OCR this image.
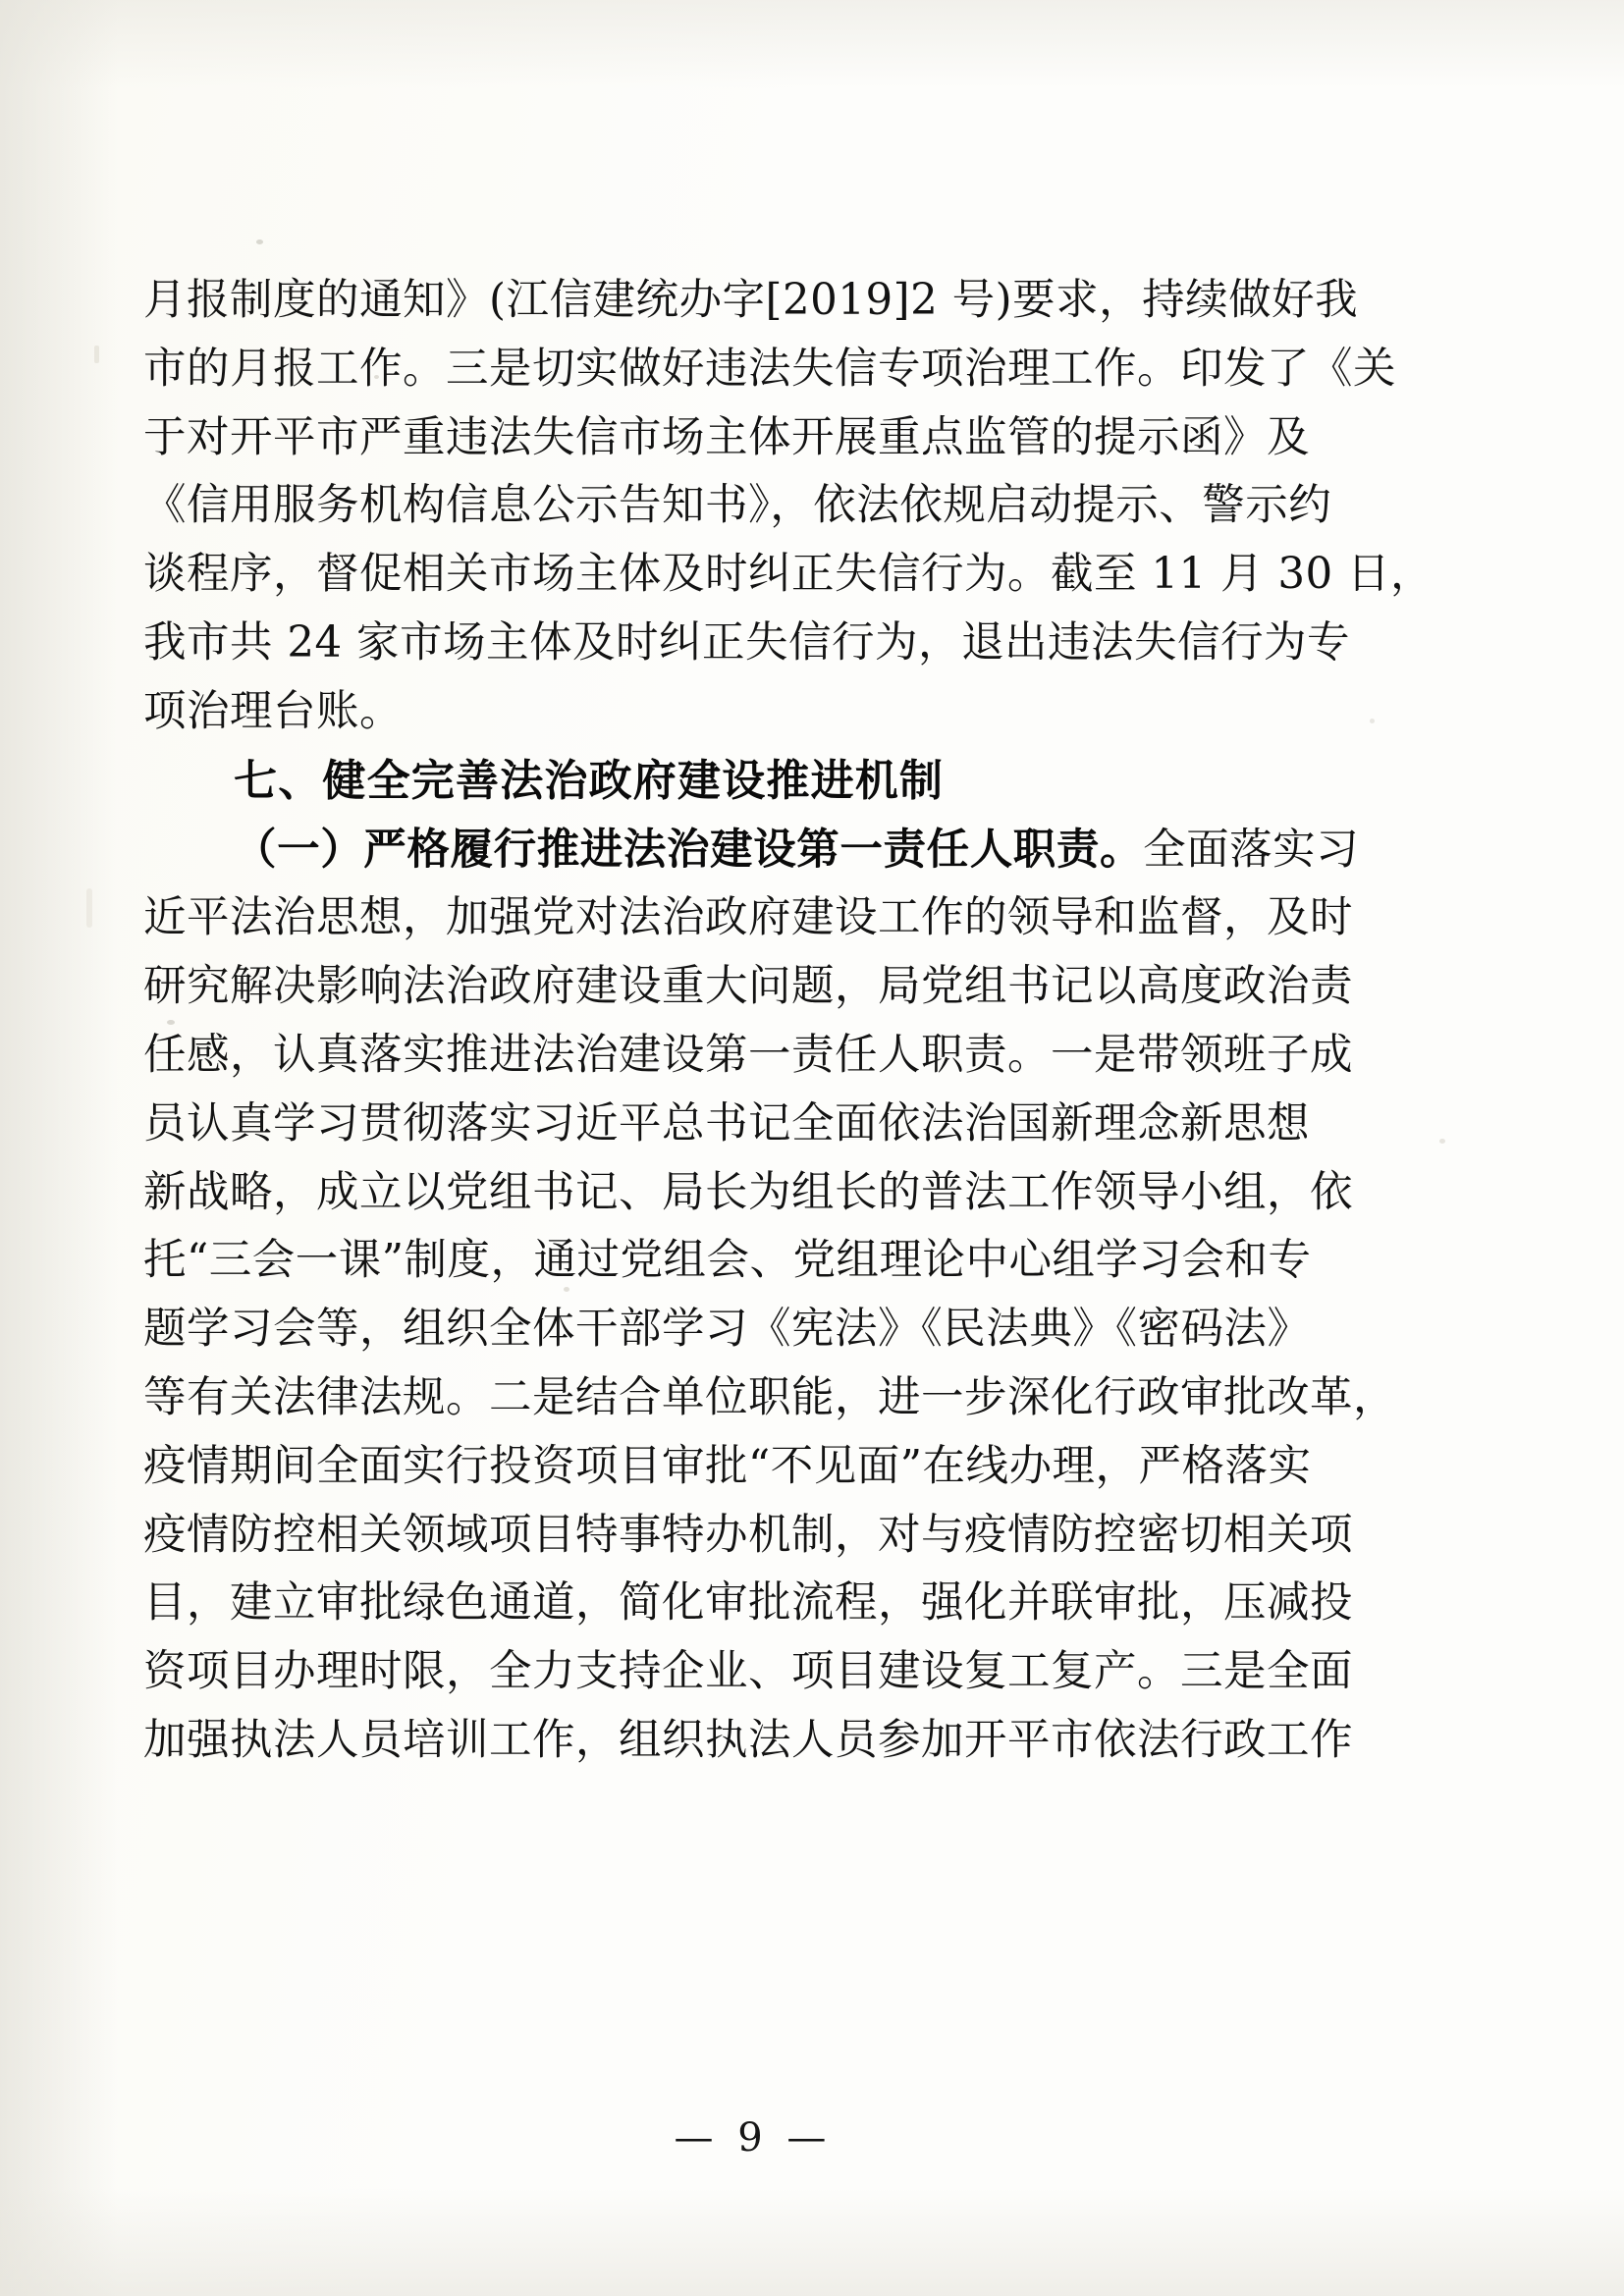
月报制度的通知》(江信建统办字[2019]2 号)要求，持续做好我
市的月报工作。三是切实做好违法失信专项治理工作。印发了《关
于对开平市严重违法失信市场主体开展重点监管的提示函》及
《信用服务机构信息公示告知书》，依法依规启动提示、警示约
谈程序，督促相关市场主体及时纠正失信行为。截至 11 月 30 日，
我市共 24 家市场主体及时纠正失信行为，退出违法失信行为专
项治理台账。
七、健全完善法治政府建设推进机制
（一）严格履行推进法治建设第一责任人职责。全面落实习
近平法治思想，加强党对法治政府建设工作的领导和监督，及时
研究解决影响法治政府建设重大问题，局党组书记以高度政治责
任感，认真落实推进法治建设第一责任人职责。一是带领班子成
员认真学习贯彻落实习近平总书记全面依法治国新理念新思想
新战略，成立以党组书记、局长为组长的普法工作领导小组，依
托“三会一课”制度，通过党组会、党组理论中心组学习会和专
题学习会等，组织全体干部学习《宪法》《民法典》《密码法》
等有关法律法规。二是结合单位职能，进一步深化行政审批改革，
疫情期间全面实行投资项目审批“不见面”在线办理，严格落实
疫情防控相关领域项目特事特办机制，对与疫情防控密切相关项
目，建立审批绿色通道，简化审批流程，强化并联审批，压减投
资项目办理时限，全力支持企业、项目建设复工复产。三是全面
加强执法人员培训工作，组织执法人员参加开平市依法行政工作
— 9 —
